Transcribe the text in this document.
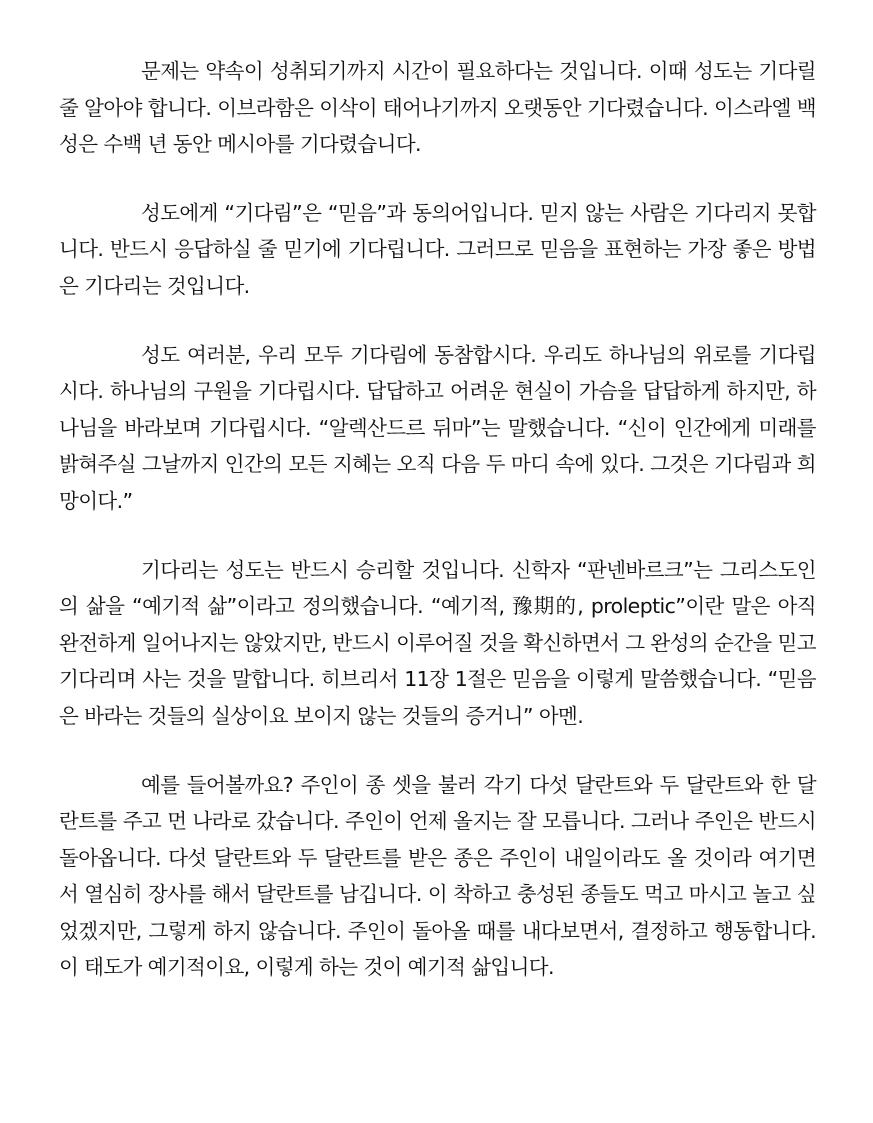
문제는 약속이 성취되기까지 시간이 필요하다는 것입니다. 이때 성도는 기다릴 줄 알아야 합니다. 이브라함은 이삭이 태어나기까지 오랫동안 기다렸습니다. 이스라엘 백성은 수백 년 동안 메시아를 기다렸습니다.

성도에게 “기다림”은 “믿음”과 동의어입니다. 믿지 않는 사람은 기다리지 못합니다. 반드시 응답하실 줄 믿기에 기다립니다. 그러므로 믿음을 표현하는 가장 좋은 방법은 기다리는 것입니다.

성도 여러분, 우리 모두 기다림에 동참합시다. 우리도 하나님의 위로를 기다립시다. 하나님의 구원을 기다립시다. 답답하고 어려운 현실이 가슴을 답답하게 하지만, 하나님을 바라보며 기다립시다. “알렉산드르 뒤마”는 말했습니다. “신이 인간에게 미래를 밝혀주실 그날까지 인간의 모든 지혜는 오직 다음 두 마디 속에 있다. 그것은 기다림과 희망이다.”

기다리는 성도는 반드시 승리할 것입니다. 신학자 “판넨바르크”는 그리스도인의 삶을 “예기적 삶”이라고 정의했습니다. “예기적, 豫期的, proleptic”이란 말은 아직 완전하게 일어나지는 않았지만, 반드시 이루어질 것을 확신하면서 그 완성의 순간을 믿고 기다리며 사는 것을 말합니다. 히브리서 11장 1절은 믿음을 이렇게 말씀했습니다. “믿음은 바라는 것들의 실상이요 보이지 않는 것들의 증거니” 아멘.

예를 들어볼까요? 주인이 종 셋을 불러 각기 다섯 달란트와 두 달란트와 한 달란트를 주고 먼 나라로 갔습니다. 주인이 언제 올지는 잘 모릅니다. 그러나 주인은 반드시 돌아옵니다. 다섯 달란트와 두 달란트를 받은 종은 주인이 내일이라도 올 것이라 여기면서 열심히 장사를 해서 달란트를 남깁니다. 이 착하고 충성된 종들도 먹고 마시고 놀고 싶었겠지만, 그렇게 하지 않습니다. 주인이 돌아올 때를 내다보면서, 결정하고 행동합니다. 이 태도가 예기적이요, 이렇게 하는 것이 예기적 삶입니다.
